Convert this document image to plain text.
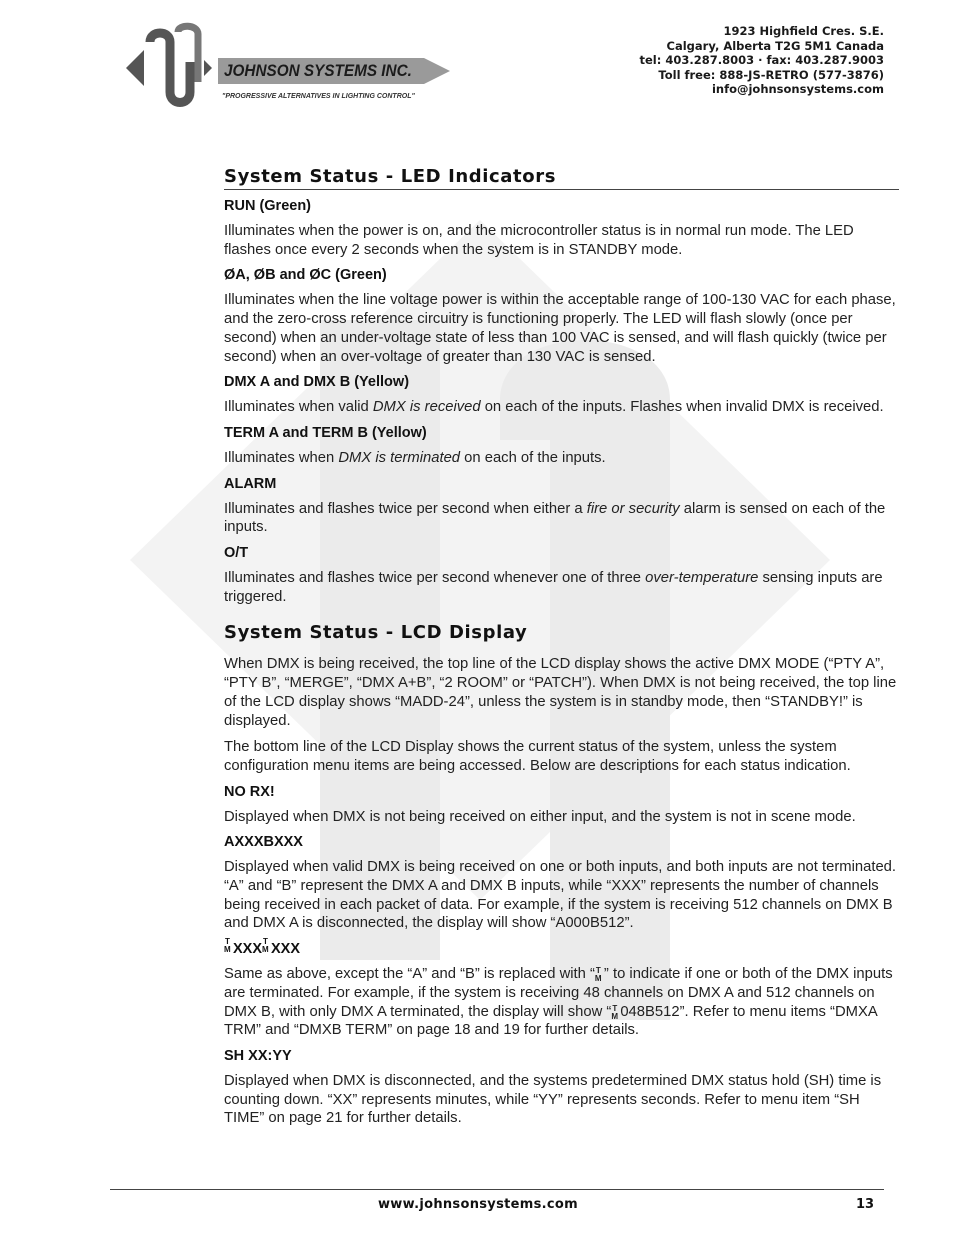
JOHNSON SYSTEMS INC.
"PROGRESSIVE ALTERNATIVES IN LIGHTING CONTROL"
1923 Highfield Cres. S.E.
Calgary, Alberta T2G 5M1 Canada
tel: 403.287.8003 · fax: 403.287.9003
Toll free: 888-JS-RETRO (577-3876)
info@johnsonsystems.com
System Status - LED Indicators
RUN (Green)

Illuminates when the power is on, and the microcontroller status is in normal run mode. The LED flashes once every 2 seconds when the system is in STANDBY mode.

ØA, ØB and ØC (Green)

Illuminates when the line voltage power is within the acceptable range of 100-130 VAC for each phase, and the zero-cross reference circuitry is functioning properly. The LED will flash slowly (once per second) when an under-voltage state of less than 100 VAC is sensed, and will flash quickly (twice per second) when an over-voltage of greater than 130 VAC is sensed.

DMX A and DMX B (Yellow)

Illuminates when valid DMX is received on each of the inputs. Flashes when invalid DMX is received.

TERM A and TERM B (Yellow)

Illuminates when DMX is terminated on each of the inputs.

ALARM

Illuminates and flashes twice per second when either a fire or security alarm is sensed on each of the inputs.

O/T

Illuminates and flashes twice per second whenever one of three over-temperature sensing inputs are triggered.

System Status - LCD Display

When DMX is being received, the top line of the LCD display shows the active DMX MODE (“PTY A”, “PTY B”, “MERGE”, “DMX A+B”, “2 ROOM” or “PATCH”). When DMX is not being received, the top line of the LCD display shows “MADD-24”, unless the system is in standby mode, then “STANDBY!” is displayed.

The bottom line of the LCD Display shows the current status of the system, unless the system configuration menu items are being accessed. Below are descriptions for each status indication.

NO RX!

Displayed when DMX is not being received on either input, and the system is not in scene mode.

AXXXBXXX

Displayed when valid DMX is being received on one or both inputs, and both inputs are not terminated. “A” and “B” represent the DMX A and DMX B inputs, while “XXX” represents the number of channels being received in each packet of data. For example, if the system is receiving 512 channels on DMX B and DMX A is disconnected, the display will show “A000B512”.

T
M XXX T
M XXX

Same as above, except the “A” and “B” is replaced with “ T
M ” to indicate if one or both of the DMX inputs are terminated. For example, if the system is receiving 48 channels on DMX A and 512 channels on DMX B, with only DMX A terminated, the display will show “ T
M 048B512”. Refer to menu items “DMXA TRM” and “DMXB TERM” on page 18 and 19 for further details.

SH XX:YY

Displayed when DMX is disconnected, and the systems predetermined DMX status hold (SH) time is counting down. “XX” represents minutes, while “YY” represents seconds. Refer to menu item “SH TIME” on page 21 for further details.

www.johnsonsystems.com	13
